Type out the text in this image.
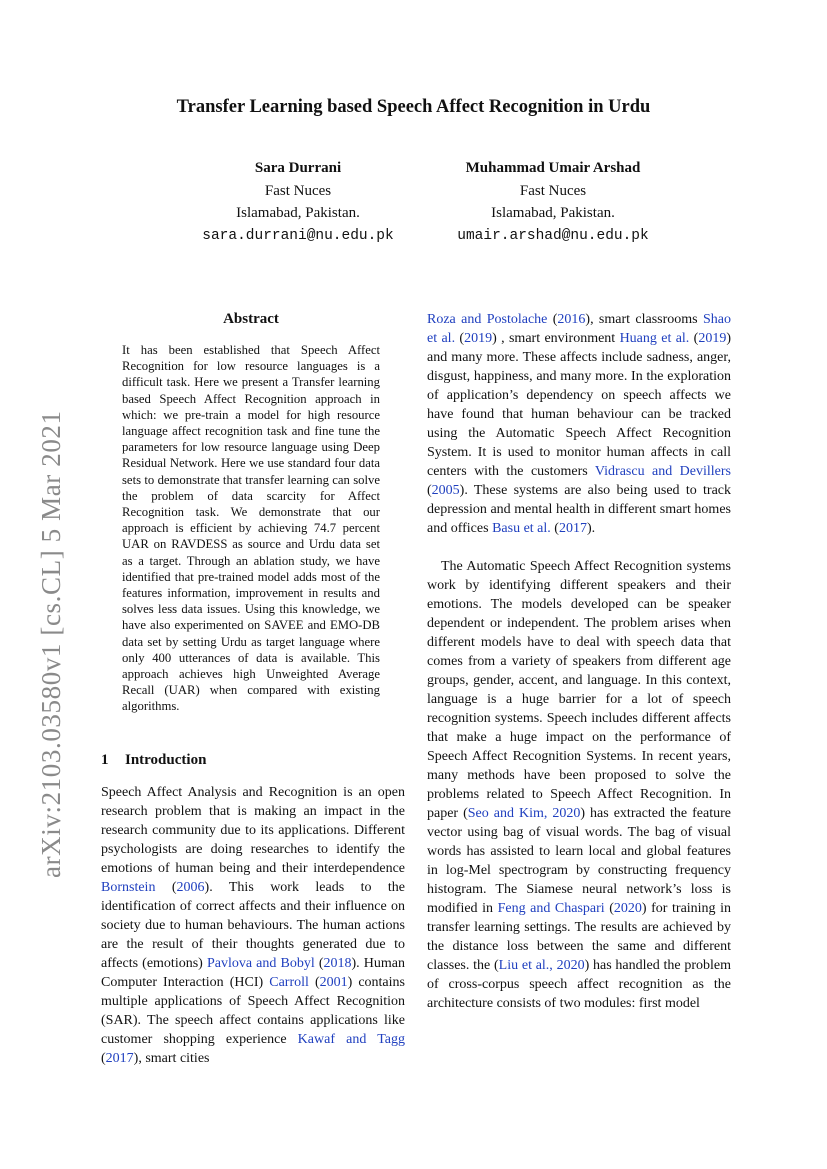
arXiv:2103.03580v1 [cs.CL] 5 Mar 2021
Transfer Learning based Speech Affect Recognition in Urdu
Sara Durrani
Fast Nuces
Islamabad, Pakistan.
sara.durrani@nu.edu.pk
Muhammad Umair Arshad
Fast Nuces
Islamabad, Pakistan.
umair.arshad@nu.edu.pk
Abstract
It has been established that Speech Affect Recognition for low resource languages is a difficult task. Here we present a Transfer learning based Speech Affect Recognition approach in which: we pre-train a model for high resource language affect recognition task and fine tune the parameters for low resource language using Deep Residual Network. Here we use standard four data sets to demonstrate that transfer learning can solve the problem of data scarcity for Affect Recognition task. We demonstrate that our approach is efficient by achieving 74.7 percent UAR on RAVDESS as source and Urdu data set as a target. Through an ablation study, we have identified that pre-trained model adds most of the features information, improvement in results and solves less data issues. Using this knowledge, we have also experimented on SAVEE and EMO-DB data set by setting Urdu as target language where only 400 utterances of data is available. This approach achieves high Unweighted Average Recall (UAR) when compared with existing algorithms.
1 Introduction

Speech Affect Analysis and Recognition is an open research problem that is making an impact in the research community due to its applications. Different psychologists are doing researches to identify the emotions of human being and their interdependence Bornstein (2006). This work leads to the identification of correct affects and their influence on society due to human behaviours. The human actions are the result of their thoughts generated due to affects (emotions) Pavlova and Bobyl (2018). Human Computer Interaction (HCI) Carroll (2001) contains multiple applications of Speech Affect Recognition (SAR). The speech affect contains applications like customer shopping experience Kawaf and Tagg (2017), smart cities

Roza and Postolache (2016), smart classrooms Shao et al. (2019) , smart environment Huang et al. (2019) and many more. These affects include sadness, anger, disgust, happiness, and many more. In the exploration of application’s dependency on speech affects we have found that human behaviour can be tracked using the Automatic Speech Affect Recognition System. It is used to monitor human affects in call centers with the customers Vidrascu and Devillers (2005). These systems are also being used to track depression and mental health in different smart homes and offices Basu et al. (2017).

The Automatic Speech Affect Recognition systems work by identifying different speakers and their emotions. The models developed can be speaker dependent or independent. The problem arises when different models have to deal with speech data that comes from a variety of speakers from different age groups, gender, accent, and language. In this context, language is a huge barrier for a lot of speech recognition systems. Speech includes different affects that make a huge impact on the performance of Speech Affect Recognition Systems. In recent years, many methods have been proposed to solve the problems related to Speech Affect Recognition. In paper (Seo and Kim, 2020) has extracted the feature vector using bag of visual words. The bag of visual words has assisted to learn local and global features in log-Mel spectrogram by constructing frequency histogram. The Siamese neural network’s loss is modified in Feng and Chaspari (2020) for training in transfer learning settings. The results are achieved by the distance loss between the same and different classes. the (Liu et al., 2020) has handled the problem of cross-corpus speech affect recognition as the architecture consists of two modules: first model
